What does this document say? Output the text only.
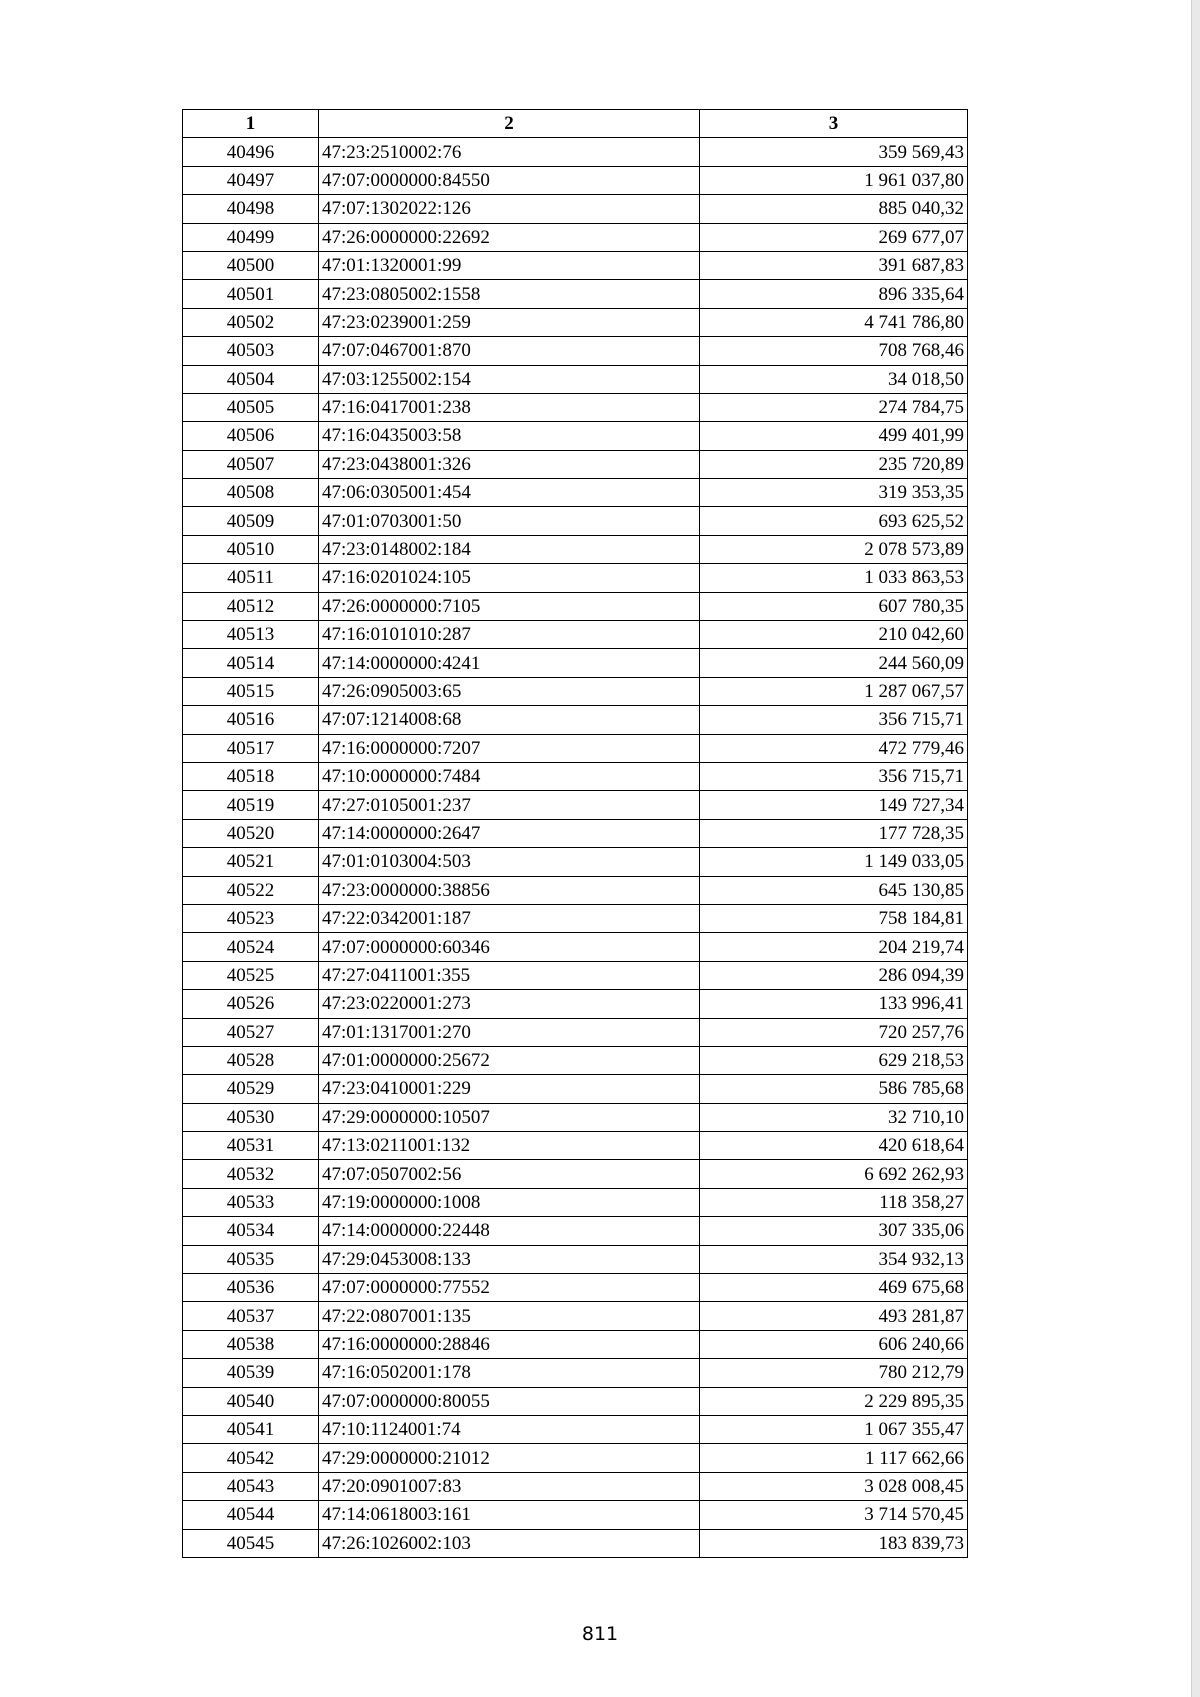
1	2	3
40496	47:23:2510002:76	359 569,43
40497	47:07:0000000:84550	1 961 037,80
40498	47:07:1302022:126	885 040,32
40499	47:26:0000000:22692	269 677,07
40500	47:01:1320001:99	391 687,83
40501	47:23:0805002:1558	896 335,64
40502	47:23:0239001:259	4 741 786,80
40503	47:07:0467001:870	708 768,46
40504	47:03:1255002:154	34 018,50
40505	47:16:0417001:238	274 784,75
40506	47:16:0435003:58	499 401,99
40507	47:23:0438001:326	235 720,89
40508	47:06:0305001:454	319 353,35
40509	47:01:0703001:50	693 625,52
40510	47:23:0148002:184	2 078 573,89
40511	47:16:0201024:105	1 033 863,53
40512	47:26:0000000:7105	607 780,35
40513	47:16:0101010:287	210 042,60
40514	47:14:0000000:4241	244 560,09
40515	47:26:0905003:65	1 287 067,57
40516	47:07:1214008:68	356 715,71
40517	47:16:0000000:7207	472 779,46
40518	47:10:0000000:7484	356 715,71
40519	47:27:0105001:237	149 727,34
40520	47:14:0000000:2647	177 728,35
40521	47:01:0103004:503	1 149 033,05
40522	47:23:0000000:38856	645 130,85
40523	47:22:0342001:187	758 184,81
40524	47:07:0000000:60346	204 219,74
40525	47:27:0411001:355	286 094,39
40526	47:23:0220001:273	133 996,41
40527	47:01:1317001:270	720 257,76
40528	47:01:0000000:25672	629 218,53
40529	47:23:0410001:229	586 785,68
40530	47:29:0000000:10507	32 710,10
40531	47:13:0211001:132	420 618,64
40532	47:07:0507002:56	6 692 262,93
40533	47:19:0000000:1008	118 358,27
40534	47:14:0000000:22448	307 335,06
40535	47:29:0453008:133	354 932,13
40536	47:07:0000000:77552	469 675,68
40537	47:22:0807001:135	493 281,87
40538	47:16:0000000:28846	606 240,66
40539	47:16:0502001:178	780 212,79
40540	47:07:0000000:80055	2 229 895,35
40541	47:10:1124001:74	1 067 355,47
40542	47:29:0000000:21012	1 117 662,66
40543	47:20:0901007:83	3 028 008,45
40544	47:14:0618003:161	3 714 570,45
40545	47:26:1026002:103	183 839,73
811
